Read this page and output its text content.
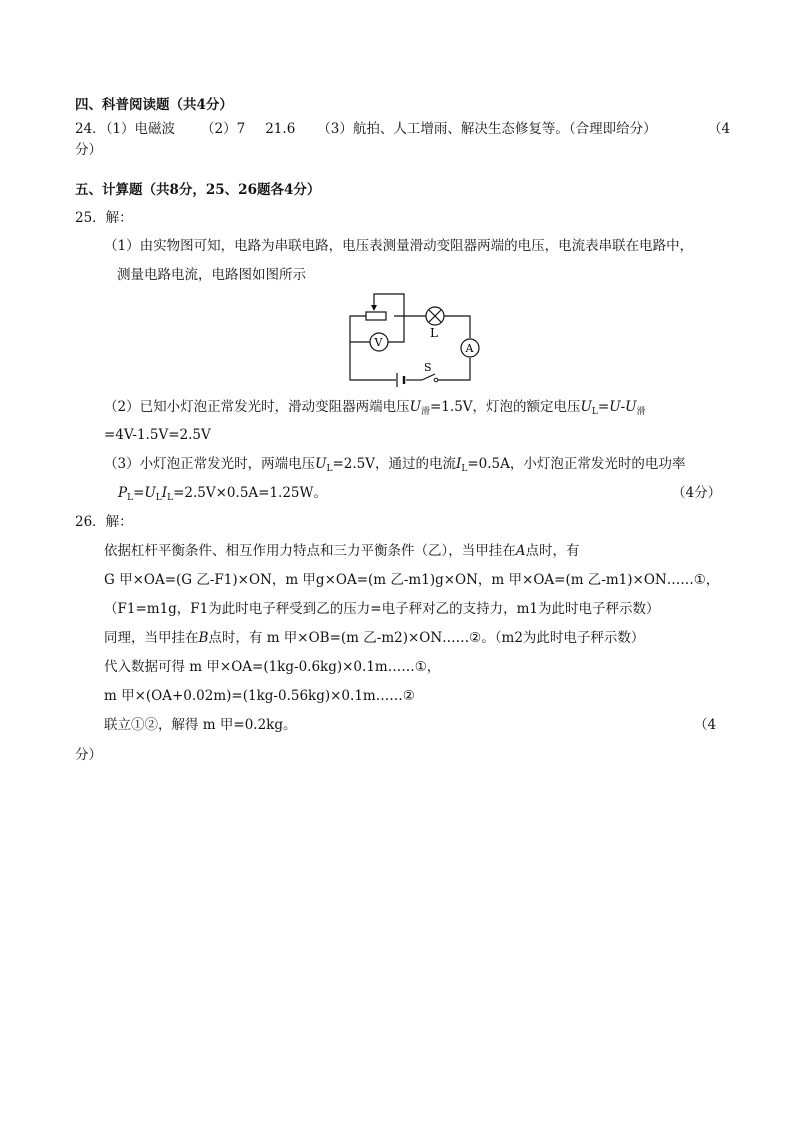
四、科普阅读题（共4分）
24．（1）电磁波 （2）7 21.6 （3）航拍、人工增雨、解决生态修复等。（合理即给分）	（4
分）
五、计算题（共8分，25、26题各4分）
25．解：
（1）由实物图可知，电路为串联电路，电压表测量滑动变阻器两端的电压，电流表串联在电路中，
测量电路电流，电路图如图所示
L
V	A
S
（2）已知小灯泡正常发光时，滑动变阻器两端电压$U_滑=1.5V$，灯泡的额定电压$U_L=U-U_滑$
=4V-1.5V=2.5V
（3）小灯泡正常发光时，两端电压$U_L=2.5V$，通过的电流$I_L=0.5A$，小灯泡正常发光时的电功率
$P_L=U_LI_L=2.5V\times 0.5A=1.25W$。	（4分）
26．解：
依据杠杆平衡条件、相互作用力特点和三力平衡条件（乙），当甲挂在A点时，有
G 甲×OA=(G 乙-F1)×ON，m 甲g×OA=(m 乙-m1)g×ON，m 甲×OA=(m 乙-m1)×ON……①，
（F1=m1g，F1为此时电子秤受到乙的压力=电子秤对乙的支持力，m1为此时电子秤示数）
同理，当甲挂在B点时，有 m 甲×OB=(m 乙-m2)×ON……②。（m2为此时电子秤示数）
代入数据可得 m 甲×OA=(1kg-0.6kg)×0.1m……①，
m 甲×(OA+0.02m)=(1kg-0.56kg)×0.1m……②
联立①②，解得 m 甲=0.2kg。	（4
分）
